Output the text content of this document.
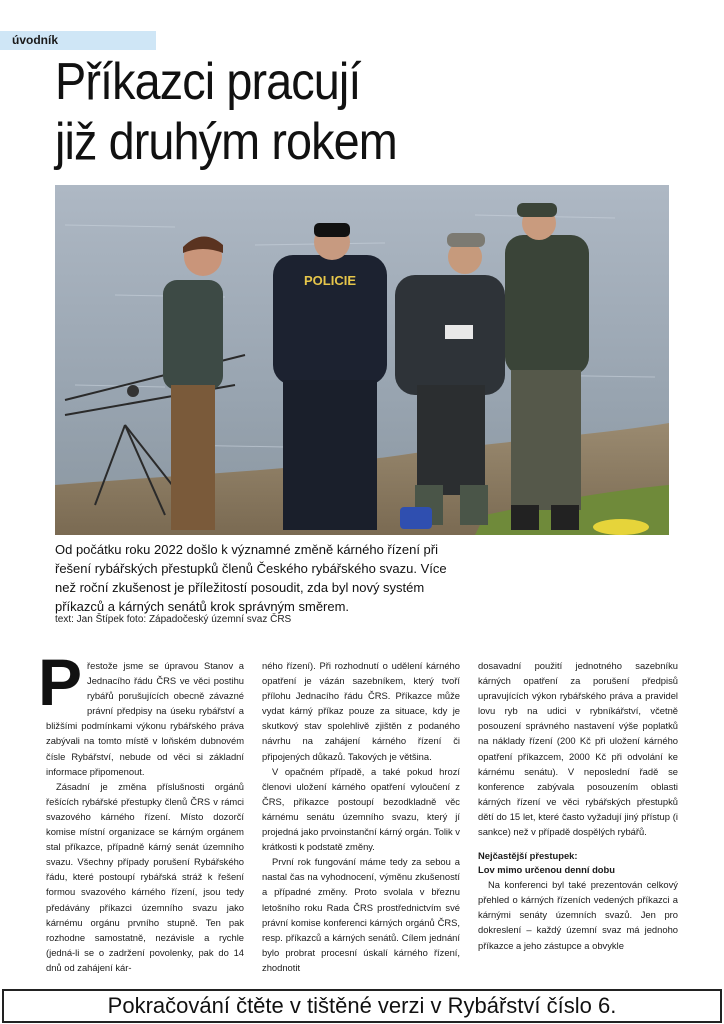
úvodník
Příkazci pracují
již druhým rokem
POLICIE
Od počátku roku 2022 došlo k významné změně kárného řízení při řešení rybářských přestupků členů Českého rybářského svazu. Více než roční zkušenost je příležitostí posoudit, zda byl nový systém příkazců a kárných senátů krok správným směrem.
text: Jan Štípek foto: Západočeský územní svaz ČRS

P řestože jsme se úpravou Stanov a Jednacího řádu ČRS ve věci postihu rybářů porušujících obecně závazné právní předpisy na úseku rybářství a bližšími podmínkami výkonu rybářského práva zabývali na tomto místě v loňském dubnovém čísle Rybářství, nebude od věci si základní informace připomenout.

Zásadní je změna příslušnosti orgánů řešících rybářské přestupky členů ČRS v rámci svazového kárného řízení. Místo dozorčí komise místní organizace se kárným orgánem stal příkazce, případně kárný senát územního svazu. Všechny případy porušení Rybářského řádu, které postoupí rybářská stráž k řešení formou svazového kárného řízení, jsou tedy předávány příkazci územního svazu jako kárnému orgánu prvního stupně. Ten pak rozhodne samostatně, nezávisle a rychle (jedná-li se o zadržení povolenky, pak do 14 dnů od zahájení kár-

ného řízení). Při rozhodnutí o udělení kárného opatření je vázán sazebníkem, který tvoří přílohu Jednacího řádu ČRS. Příkazce může vydat kárný příkaz pouze za situace, kdy je skutkový stav spolehlivě zjištěn z podaného návrhu na zahájení kárného řízení či připojených důkazů. Takových je většina.

V opačném případě, a také pokud hrozí členovi uložení kárného opatření vyloučení z ČRS, příkazce postoupí bezodkladně věc kárnému senátu územního svazu, který jí projedná jako prvoinstanční kárný orgán. Tolik v krátkosti k podstatě změny.

První rok fungování máme tedy za sebou a nastal čas na vyhodnocení, výměnu zkušeností a případné změny. Proto svolala v březnu letošního roku Rada ČRS prostřednictvím své právní komise konferenci kárných orgánů ČRS, resp. příkazců a kárných senátů. Cílem jednání bylo probrat procesní úskalí kárného řízení, zhodnotit

dosavadní použití jednotného sazebníku kárných opatření za porušení předpisů upravujících výkon rybářského práva a pravidel lovu ryb na udici v rybníkářství, včetně posouzení správného nastavení výše poplatků na náklady řízení (200 Kč při uložení kárného opatření příkazcem, 2000 Kč při odvolání ke kárnému senátu). V neposlední řadě se konference zabývala posouzením oblasti kárných řízení ve věci rybářských přestupků dětí do 15 let, které často vyžadují jiný přístup (i sankce) než v případě dospělých rybářů.

Nejčastější přestupek:
Lov mimo určenou denní dobu

Na konferenci byl také prezentován celkový přehled o kárných řízeních vedených příkazci a kárnými senáty územních svazů. Jen pro dokreslení – každý územní svaz má jednoho příkazce a jeho zástupce a obvykle

Pokračování čtěte v tištěné verzi v Rybářství číslo 6.
